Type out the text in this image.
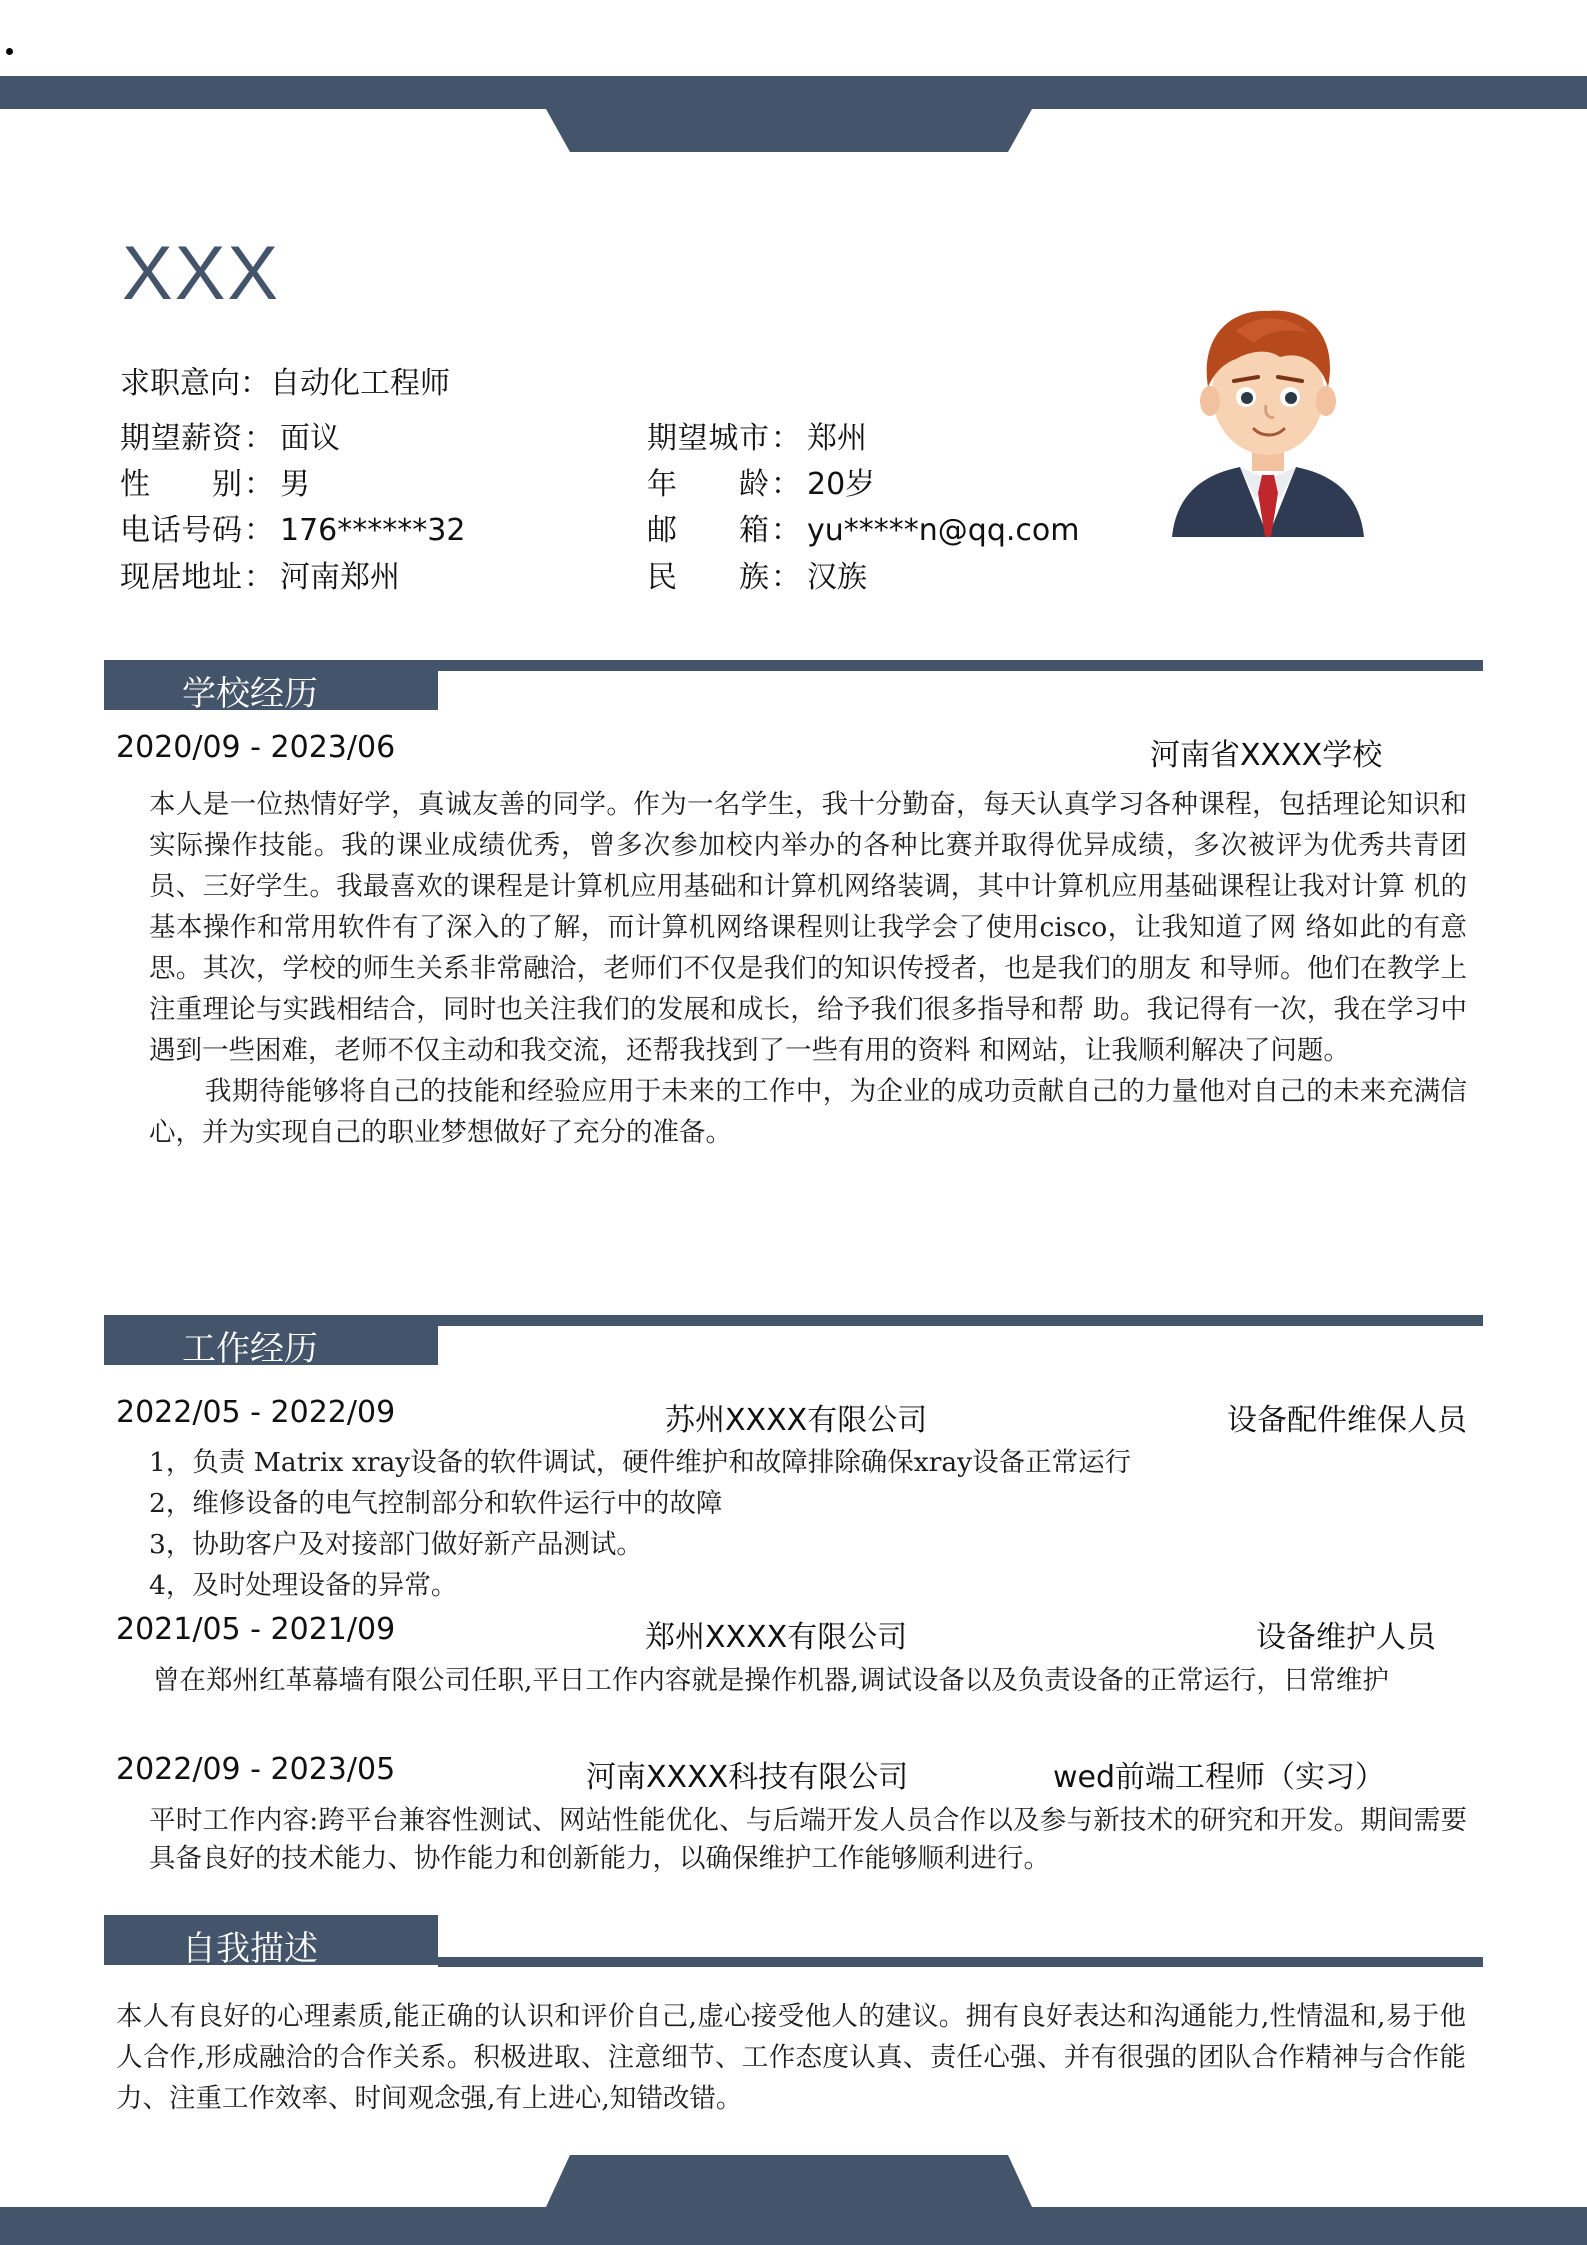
XXX
求职意向：自动化工程师
期望薪资： 面议	期望城市： 郑州
性别： 男	年龄： 20岁
电话号码： 176******32	邮箱： yu*****n@qq.com
现居地址： 河南郑州	民族： 汉族
学校经历
2020/09 - 2023/06	河南省XXXX学校

本人是一位热情好学，真诚友善的同学。作为一名学生，我十分勤奋，每天认真学习各种课程，包括理论知识和实际操作技能。我的课业成绩优秀，曾多次参加校内举办的各种比赛并取得优异成绩，多次被评为优秀共青团员、三好学生。我最喜欢的课程是计算机应用基础和计算机网络装调，其中计算机应用基础课程让我对计算 机的基本操作和常用软件有了深入的了解，而计算机网络课程则让我学会了使用cisco，让我知道了网 络如此的有意思。其次，学校的师生关系非常融洽，老师们不仅是我们的知识传授者，也是我们的朋友 和导师。他们在教学上注重理论与实践相结合，同时也关注我们的发展和成长，给予我们很多指导和帮 助。我记得有一次，我在学习中遇到一些困难，老师不仅主动和我交流，还帮我找到了一些有用的资料 和网站，让我顺利解决了问题。

我期待能够将自己的技能和经验应用于未来的工作中，为企业的成功贡献自己的力量他对自己的未来充满信心，并为实现自己的职业梦想做好了充分的准备。

工作经历
2022/05 - 2022/09	苏州XXXX有限公司	设备配件维保人员
1，负责 Matrix xray设备的软件调试，硬件维护和故障排除确保xray设备正常运行
2，维修设备的电气控制部分和软件运行中的故障
3，协助客户及对接部门做好新产品测试。
4，及时处理设备的异常。
2021/05 - 2021/09	郑州XXXX有限公司	设备维护人员
曾在郑州红革幕墙有限公司任职,平日工作内容就是操作机器,调试设备以及负责设备的正常运行，日常维护
2022/09 - 2023/05	河南XXXX科技有限公司	wed前端工程师（实习）
平时工作内容:跨平台兼容性测试、网站性能优化、与后端开发人员合作以及参与新技术的研究和开发。期间需要具备良好的技术能力、协作能力和创新能力，以确保维护工作能够顺利进行。
自我描述
本人有良好的心理素质,能正确的认识和评价自己,虚心接受他人的建议。拥有良好表达和沟通能力,性情温和,易于他人合作,形成融洽的合作关系。积极进取、注意细节、工作态度认真、责任心强、并有很强的团队合作精神与合作能力、注重工作效率、时间观念强,有上进心,知错改错。
